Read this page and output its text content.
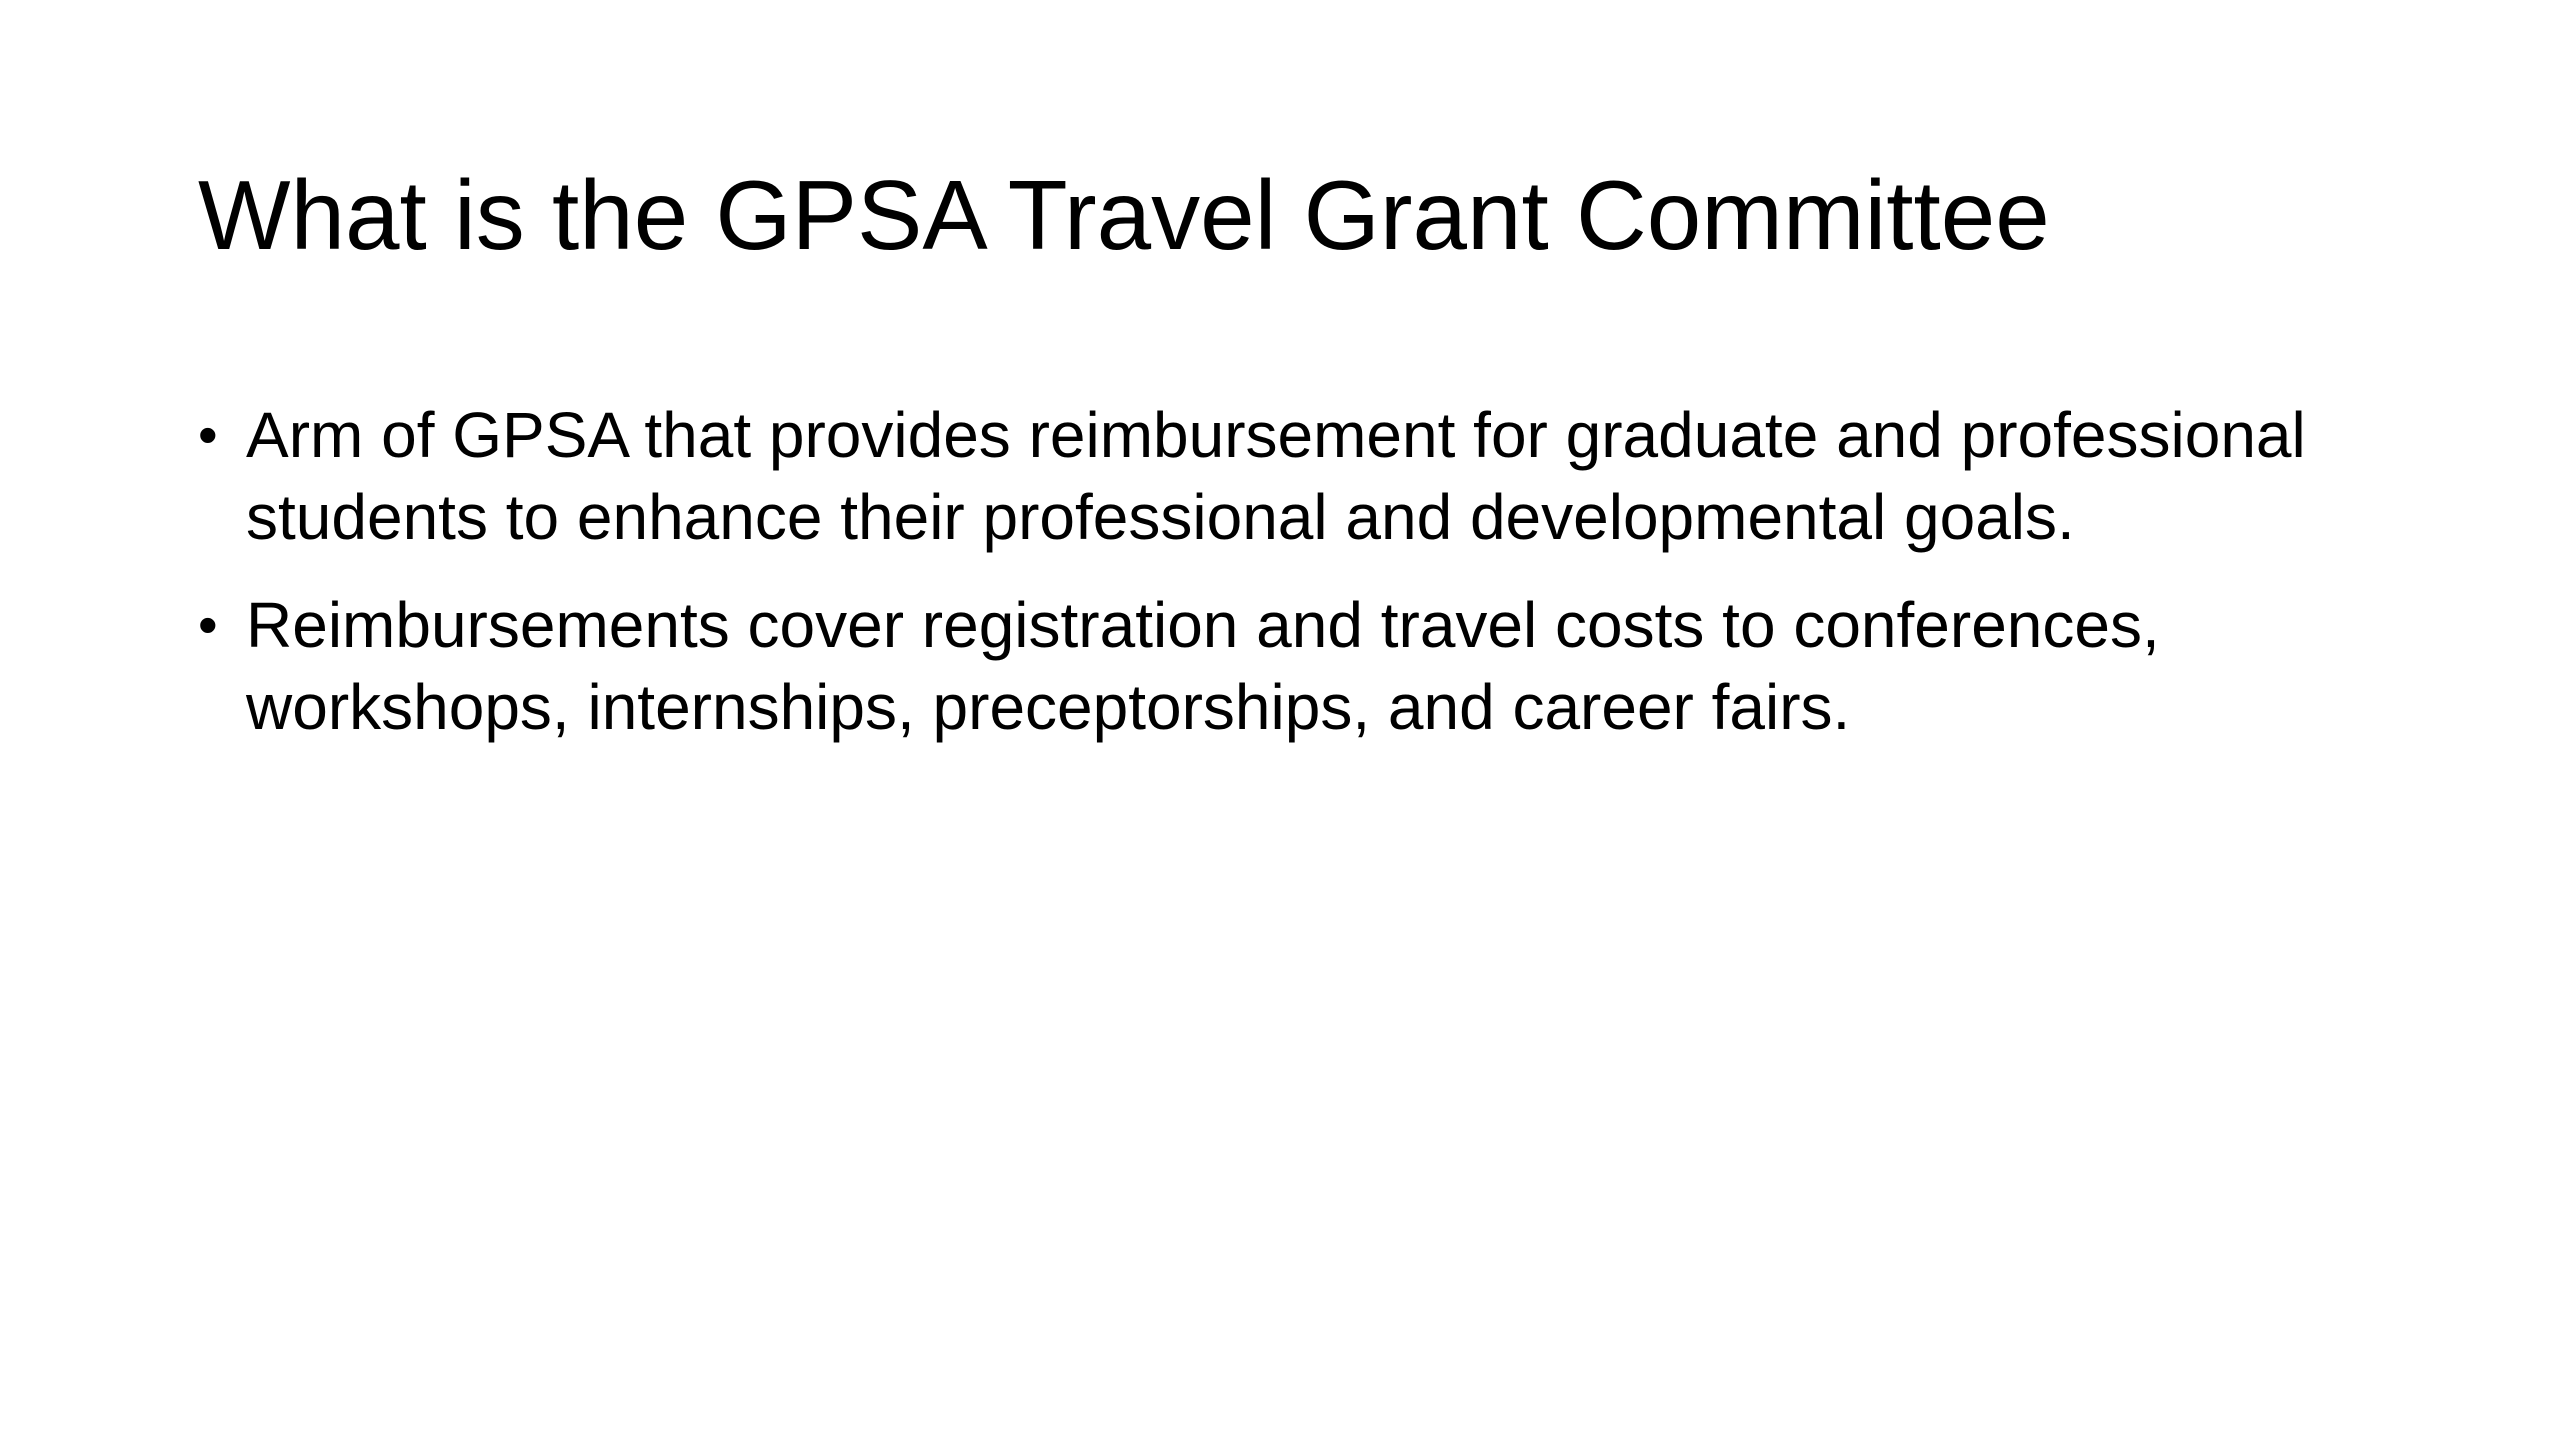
What is the GPSA Travel Grant Committee
• Arm of GPSA that provides reimbursement for graduate and professional students to enhance their professional and developmental goals.
• Reimbursements cover registration and travel costs to conferences, workshops, internships, preceptorships, and career fairs.
